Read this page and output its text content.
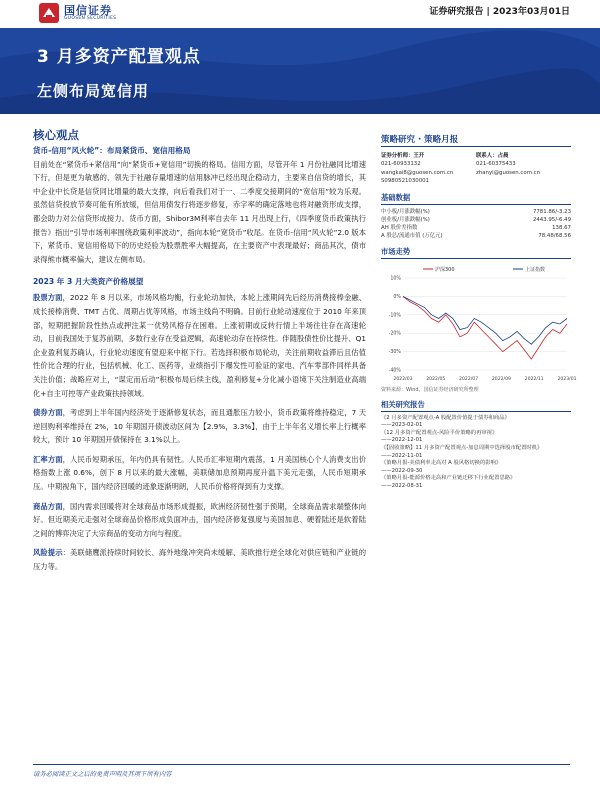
国信证券
GUOSEN SECURITIES
证券研究报告 | 2023年03月01日
3 月多资产配置观点
左侧布局宽信用
核心观点
货币-信用“风火轮”：布局紧货币、宽信用格局
目前处在“紧货币+紧信用”向“紧货币+宽信用”切换的格局。信用方面，尽管开年 1 月份社融同比增速下行，但是更为敏感的、领先于社融存量增速的信用脉冲已经出现企稳动力，主要来自信贷的增长，其中企业中长贷是信贷同比增量的最大支撑，向后看我们对于一、二季度交接期间的“宽信用”较为乐观。虽然信贷投放节奏可能有所放缓，但信用债发行将逐步修复，赤字率的确定落地也将对融资形成支撑，都会助力对公信贷形成接力。货币方面，Shibor3M利率自去年 11 月出现上行，《四季度货币政策执行报告》指出“引导市场利率围绕政策利率波动”，指向本轮“宽货币”收尾。在货币-信用“风火轮”2.0 版本下，紧货币、宽信用格局下的历史经验为股票胜率大幅提高，在主要资产中表现最好；商品其次，债市录得熊市概率偏大，建议左侧布局。
2023 年 3 月大类资产价格展望
股票方面，2022 年 8 月以来，市场风格均衡，行业轮动加快，本轮上涨期间先后经历消费接棒金融、成长接棒消费、TMT 占优、周期占优等风格，市场主线尚不明确。目前行业轮动速度位于 2010 年来顶部，短期把握阶段性热点或押注某一优势风格存在困难。上涨初期或反转行情上半场往往存在高速轮动，目前我国处于复苏前期，多数行业存在受益逻辑，高速轮动存在持续性。伴随股债性价比提升、Q1 企业盈利复苏确认，行业轮动速度有望迎来中枢下行。若选择积极布局轮动，关注前期收益滞后且估值性价比合理的行业，包括机械、化工、医药等，业绩指引下爆发性可验证的家电、汽车零部件同样具备关注价值；战略应对上，“谋定而后动”积极布局后续主线，盈利修复+分化减小语境下关注制造业高端化+自主可控等产业政策扶持领域。
债券方面，考虑到上半年国内经济处于逐渐修复状态，而且通胀压力较小，货币政策将维持稳定，7 天逆回购利率维持在 2%，10 年期国开债波动区间为【2.9%，3.3%】，由于上半年名义增长率上行概率较大，预计 10 年期国开债保持在 3.1%以上。
汇率方面，人民币短期承压，年内仍具有韧性。人民币汇率短期内震荡，1 月美国核心个人消费支出价格指数上涨 0.6%，创下 8 月以来的最大涨幅，美联储加息预期再度升温下美元走强，人民币短期承压。中期视角下，国内经济回暖的迹象逐渐明朗，人民币价格将得到有力支撑。
商品方面，国内需求回暖将对全球商品市场形成提振，欧洲经济韧性强于预期，全球商品需求端整体向好。但近期美元走强对全球商品价格形成负面冲击，国内经济修复强度与美国加息、硬着陆还是软着陆之间的博弈决定了大宗商品的变动方向与程度。
风险提示：美联储鹰派持续时间较长、海外地缘冲突尚未缓解、美欧推行逆全球化对供应链和产业链的压力等。
策略研究 · 策略月报
证券分析师：王开
021-60933132
wangkai8@guosen.com.cn
S0980521030001
联系人：占晨
021-60375433
zhanyi@guosen.com.cn
基础数据
中小板/月涨跌幅(%)	7781.86/-3.23
创业板/月涨跌幅(%)	2443.95/-6.49
AH 股价差指数	138.67
A 股总/流通市值 (万亿元)	78.48/68.56
市场走势
10%
0%
-10%
-20%
-30%
-40%
2022/03	2022/05	2022/07	2022/09	2022/11	2023/01
沪深300	上证指数
资料来源：Wind、国信证券经济研究所整理
相关研究报告
《2 月多资产配置观点-A 股配置价值提于债券和商品》
——2023-02-01
《12 月多资产配置观点-风险平价策略的再审视》
——2022-12-01
《【固收策略】11 月多资产配置观点-加息周期中选择股市配置时机》
——2022-11-01
《策略月报-美债利率走高对 A 股风格切换的影响》
——2022-09-30
《策略月报-能源价格走高和产业链迁移下行业配置思路》
——2022-08-31
请务必阅读正文之后的免责声明及其项下所有内容
